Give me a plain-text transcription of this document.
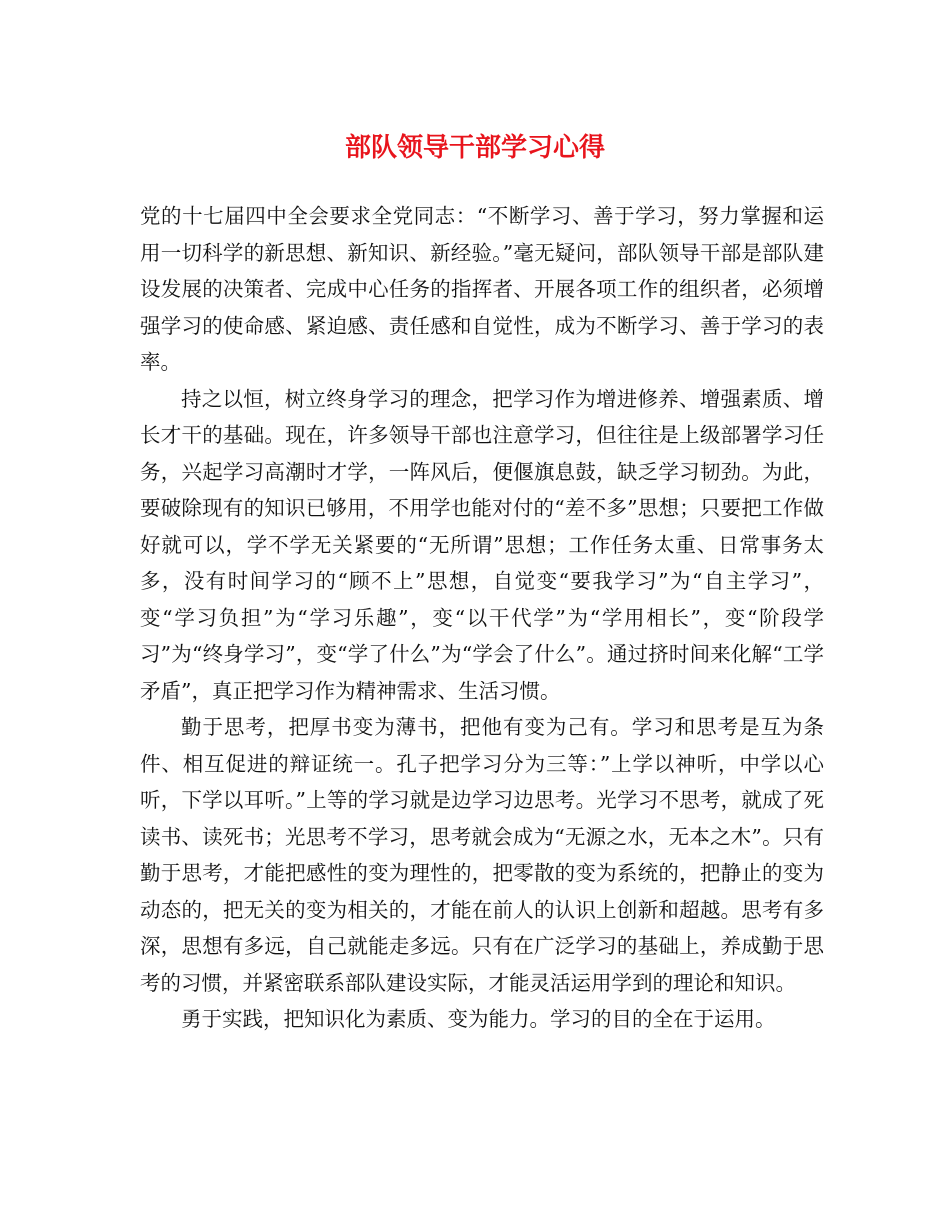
部队领导干部学习心得

党的十七届四中全会要求全党同志：“不断学习、善于学习，努力掌握和运用一切科学的新思想、新知识、新经验。”毫无疑问，部队领导干部是部队建设发展的决策者、完成中心任务的指挥者、开展各项工作的组织者，必须增强学习的使命感、紧迫感、责任感和自觉性，成为不断学习、善于学习的表率。

持之以恒，树立终身学习的理念，把学习作为增进修养、增强素质、增长才干的基础。现在，许多领导干部也注意学习，但往往是上级部署学习任务，兴起学习高潮时才学，一阵风后，便偃旗息鼓，缺乏学习韧劲。为此，要破除现有的知识已够用，不用学也能对付的“差不多”思想；只要把工作做好就可以，学不学无关紧要的“无所谓”思想；工作任务太重、日常事务太多，没有时间学习的“顾不上”思想，自觉变“要我学习”为“自主学习”，变“学习负担”为“学习乐趣”，变“以干代学”为“学用相长”，变“阶段学习”为“终身学习”，变“学了什么”为“学会了什么”。通过挤时间来化解“工学矛盾”，真正把学习作为精神需求、生活习惯。

勤于思考，把厚书变为薄书，把他有变为己有。学习和思考是互为条件、相互促进的辩证统一。孔子把学习分为三等：”上学以神听，中学以心听，下学以耳听。”上等的学习就是边学习边思考。光学习不思考，就成了死读书、读死书；光思考不学习，思考就会成为“无源之水，无本之木”。只有勤于思考，才能把感性的变为理性的，把零散的变为系统的，把静止的变为动态的，把无关的变为相关的，才能在前人的认识上创新和超越。思考有多深，思想有多远，自己就能走多远。只有在广泛学习的基础上，养成勤于思考的习惯，并紧密联系部队建设实际，才能灵活运用学到的理论和知识。

勇于实践，把知识化为素质、变为能力。学习的目的全在于运用。
